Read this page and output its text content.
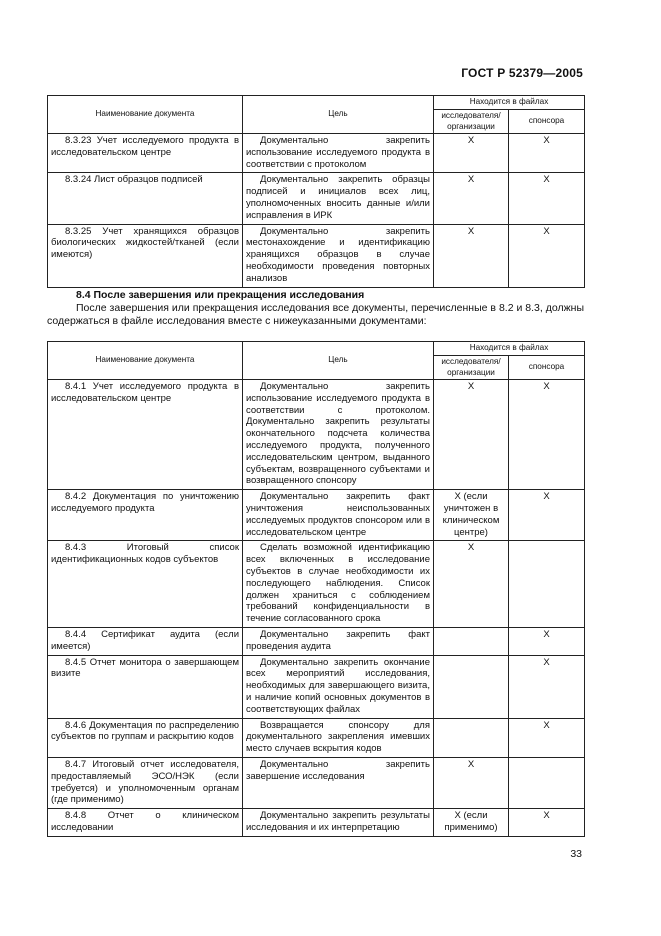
ГОСТ Р 52379—2005
Наименование документа	Цель	Находится в файлах	
		исследователя/ организации	спонсора
8.3.23 Учет исследуемого продукта в исследовательском центре	Документально закрепить использование исследуемого продукта в соответствии с протоколом	X	X
8.3.24 Лист образцов подписей	Документально закрепить образцы подписей и инициалов всех лиц, уполномоченных вносить данные и/или исправления в ИРК	X	X
8.3.25 Учет хранящихся образцов биологических жидкостей/тканей (если имеются)	Документально закрепить местонахождение и идентификацию хранящихся образцов в случае необходимости проведения повторных анализов	X	X
8.4 После завершения или прекращения исследования
После завершения или прекращения исследования все документы, перечисленные в 8.2 и 8.3, должны содержаться в файле исследования вместе с нижеуказанными документами:
Наименование документа	Цель	Находится в файлах	
		исследователя/ организации	спонсора
8.4.1 Учет исследуемого продукта в исследовательском центре	Документально закрепить использование исследуемого продукта в соответствии с протоколом. Документально закрепить результаты окончательного подсчета количества исследуемого продукта, полученного исследовательским центром, выданного субъектам, возвращенного субъектами и возвращенного спонсору	X	X
8.4.2 Документация по уничтожению исследуемого продукта	Документально закрепить факт уничтожения неиспользованных исследуемых продуктов спонсором или в исследовательском центре	X (если уничтожен в клиническом центре)	X
8.4.3 Итоговый список идентификационных кодов субъектов	Сделать возможной идентификацию всех включенных в исследование субъектов в случае необходимости их последующего наблюдения. Список должен храниться с соблюдением требований конфиденциальности в течение согласованного срока	X	
8.4.4 Сертификат аудита (если имеется)	Документально закрепить факт проведения аудита		X
8.4.5 Отчет монитора о завершающем визите	Документально закрепить окончание всех мероприятий исследования, необходимых для завершающего визита, и наличие копий основных документов в соответствующих файлах		X
8.4.6 Документация по распределению субъектов по группам и раскрытию кодов	Возвращается спонсору для документального закрепления имевших место случаев вскрытия кодов		X
8.4.7 Итоговый отчет исследователя, предоставляемый ЭСО/НЭК (если требуется) и уполномоченным органам (где применимо)	Документально закрепить завершение исследования	X	
8.4.8 Отчет о клиническом исследовании	Документально закрепить результаты исследования и их интерпретацию	X (если применимо)	X
33
